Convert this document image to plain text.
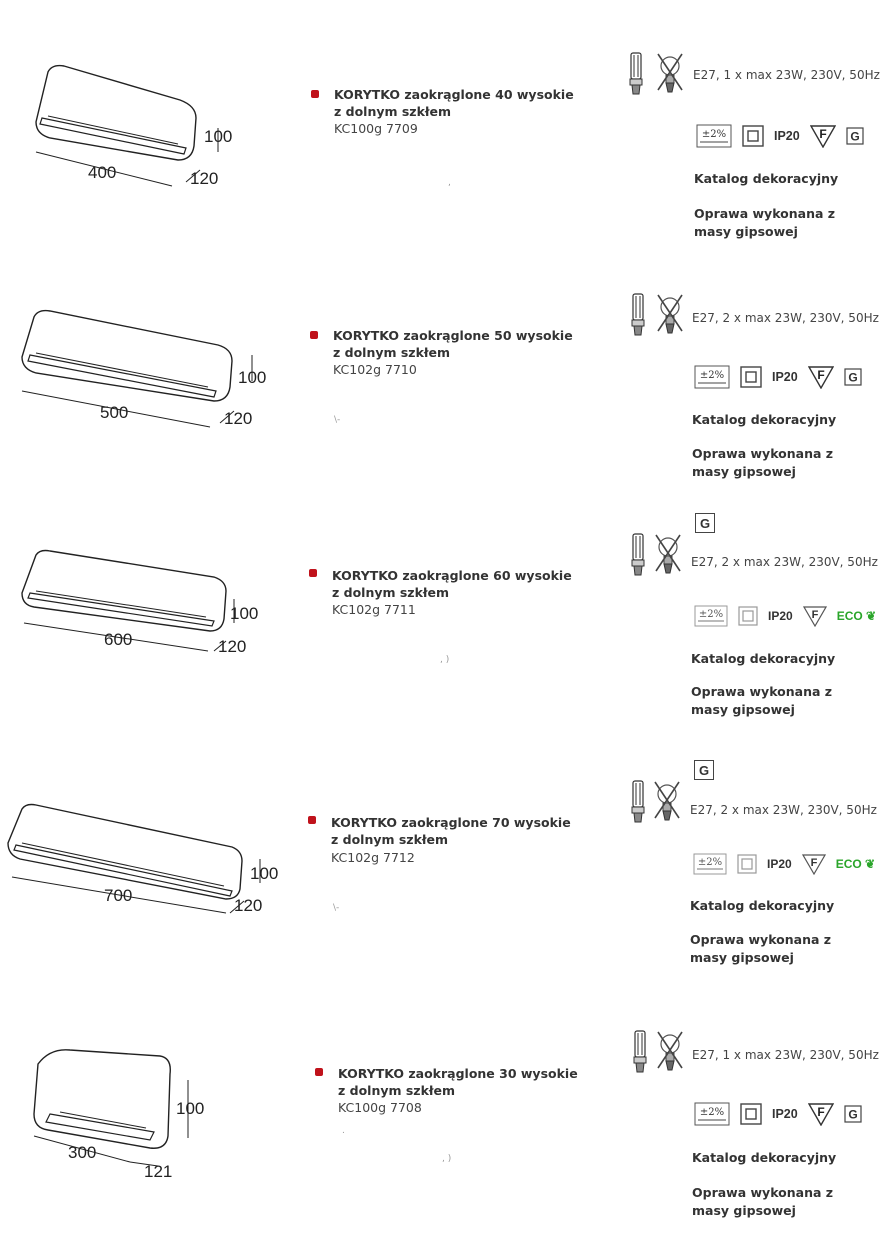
400
100
120
KORYTKO zaokrąglone 40 wysokie z dolnym szkłem
KC100g 7709
,
E27, 1 x max 23W, 230V, 50Hz
±2%	IP20 F G
Katalog dekoracyjny
Oprawa wykonana z masy gipsowej
500
100
120
KORYTKO zaokrąglone 50 wysokie z dolnym szkłem
KC102g 7710
\-
E27, 2 x max 23W, 230V, 50Hz
±2%	IP20 F G
Katalog dekoracyjny
Oprawa wykonana z masy gipsowej
600
100
120
KORYTKO zaokrąglone 60 wysokie z dolnym szkłem
KC102g 7711
, )
G
E27, 2 x max 23W, 230V, 50Hz
±2%	IP20 F ECO ❦
Katalog dekoracyjny
Oprawa wykonana z masy gipsowej
700
100
120
KORYTKO zaokrąglone 70 wysokie z dolnym szkłem
KC102g 7712
\-
G
E27, 2 x max 23W, 230V, 50Hz
±2%	IP20 F ECO ❦
Katalog dekoracyjny
Oprawa wykonana z masy gipsowej
300
100
121
KORYTKO zaokrąglone 30 wysokie z dolnym szkłem
KC100g 7708
.
, )
E27, 1 x max 23W, 230V, 50Hz
±2%	IP20 F G
Katalog dekoracyjny
Oprawa wykonana z masy gipsowej
